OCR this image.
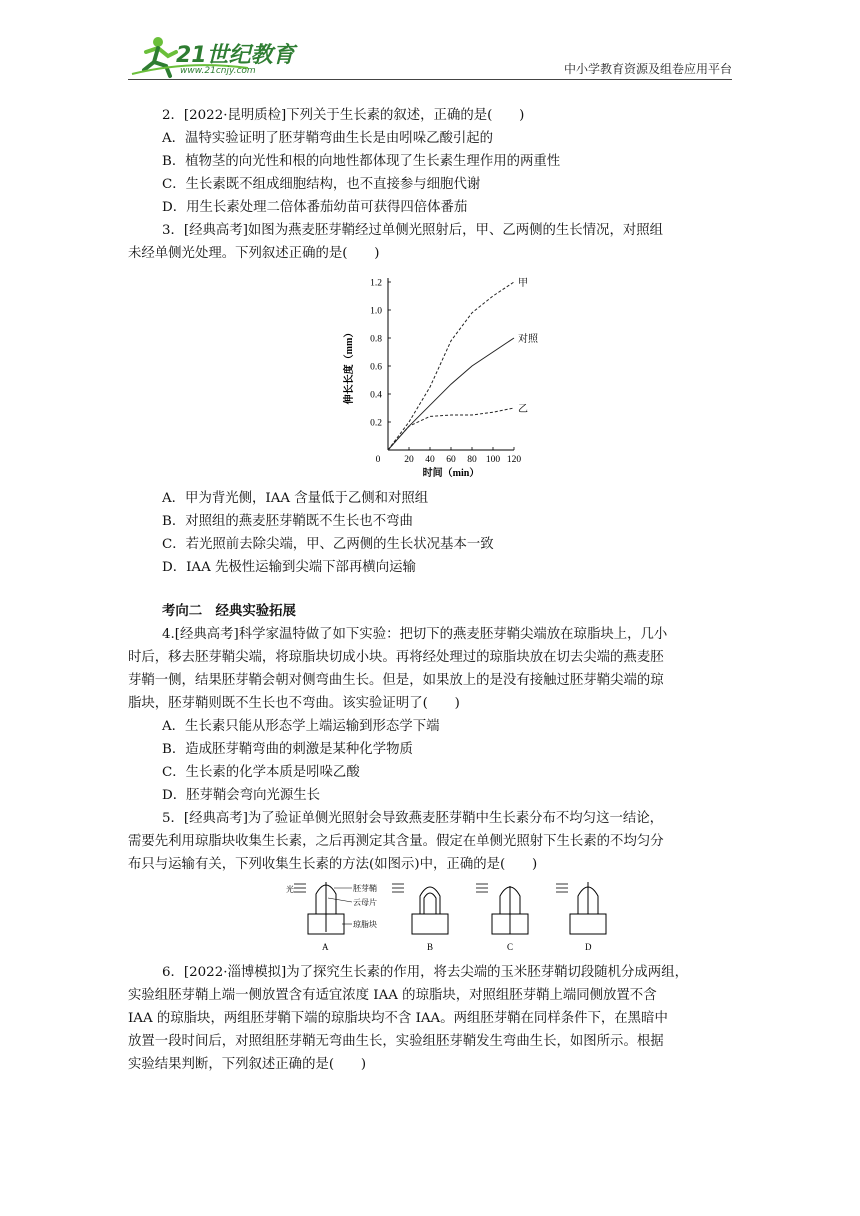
21世纪教育
www.21cnjy.com	中小学教育资源及组卷应用平台
2．[2022·昆明质检]下列关于生长素的叙述，正确的是(　　)
A．温特实验证明了胚芽鞘弯曲生长是由吲哚乙酸引起的
B．植物茎的向光性和根的向地性都体现了生长素生理作用的两重性
C．生长素既不组成细胞结构，也不直接参与细胞代谢
D．用生长素处理二倍体番茄幼苗可获得四倍体番茄
3．[经典高考]如图为燕麦胚芽鞘经过单侧光照射后，甲、乙两侧的生长情况，对照组
未经单侧光处理。下列叙述正确的是(　　)
0	20 40 60 80 100 120
0.2
0.4
0.6
0.8
1.0
1.2
时间（min）
伸长长度（mm）
甲
对照
乙
A．甲为背光侧，IAA 含量低于乙侧和对照组
B．对照组的燕麦胚芽鞘既不生长也不弯曲
C．若光照前去除尖端，甲、乙两侧的生长状况基本一致
D．IAA 先极性运输到尖端下部再横向运输
考向二　经典实验拓展
4.[经典高考]科学家温特做了如下实验：把切下的燕麦胚芽鞘尖端放在琼脂块上，几小
时后，移去胚芽鞘尖端，将琼脂块切成小块。再将经处理过的琼脂块放在切去尖端的燕麦胚
芽鞘一侧，结果胚芽鞘会朝对侧弯曲生长。但是，如果放上的是没有接触过胚芽鞘尖端的琼
脂块，胚芽鞘则既不生长也不弯曲。该实验证明了(　　)
A．生长素只能从形态学上端运输到形态学下端
B．造成胚芽鞘弯曲的刺激是某种化学物质
C．生长素的化学本质是吲哚乙酸
D．胚芽鞘会弯向光源生长
5．[经典高考]为了验证单侧光照射会导致燕麦胚芽鞘中生长素分布不均匀这一结论，
需要先利用琼脂块收集生长素，之后再测定其含量。假定在单侧光照射下生长素的不均匀分
布只与运输有关，下列收集生长素的方法(如图示)中，正确的是(　　)
光	胚芽鞘
云母片
琼脂块
A	B	C	D
6．[2022·淄博模拟]为了探究生长素的作用，将去尖端的玉米胚芽鞘切段随机分成两组，
实验组胚芽鞘上端一侧放置含有适宜浓度 IAA 的琼脂块，对照组胚芽鞘上端同侧放置不含
IAA 的琼脂块，两组胚芽鞘下端的琼脂块均不含 IAA。两组胚芽鞘在同样条件下，在黑暗中
放置一段时间后，对照组胚芽鞘无弯曲生长，实验组胚芽鞘发生弯曲生长，如图所示。根据
实验结果判断，下列叙述正确的是(　　)
